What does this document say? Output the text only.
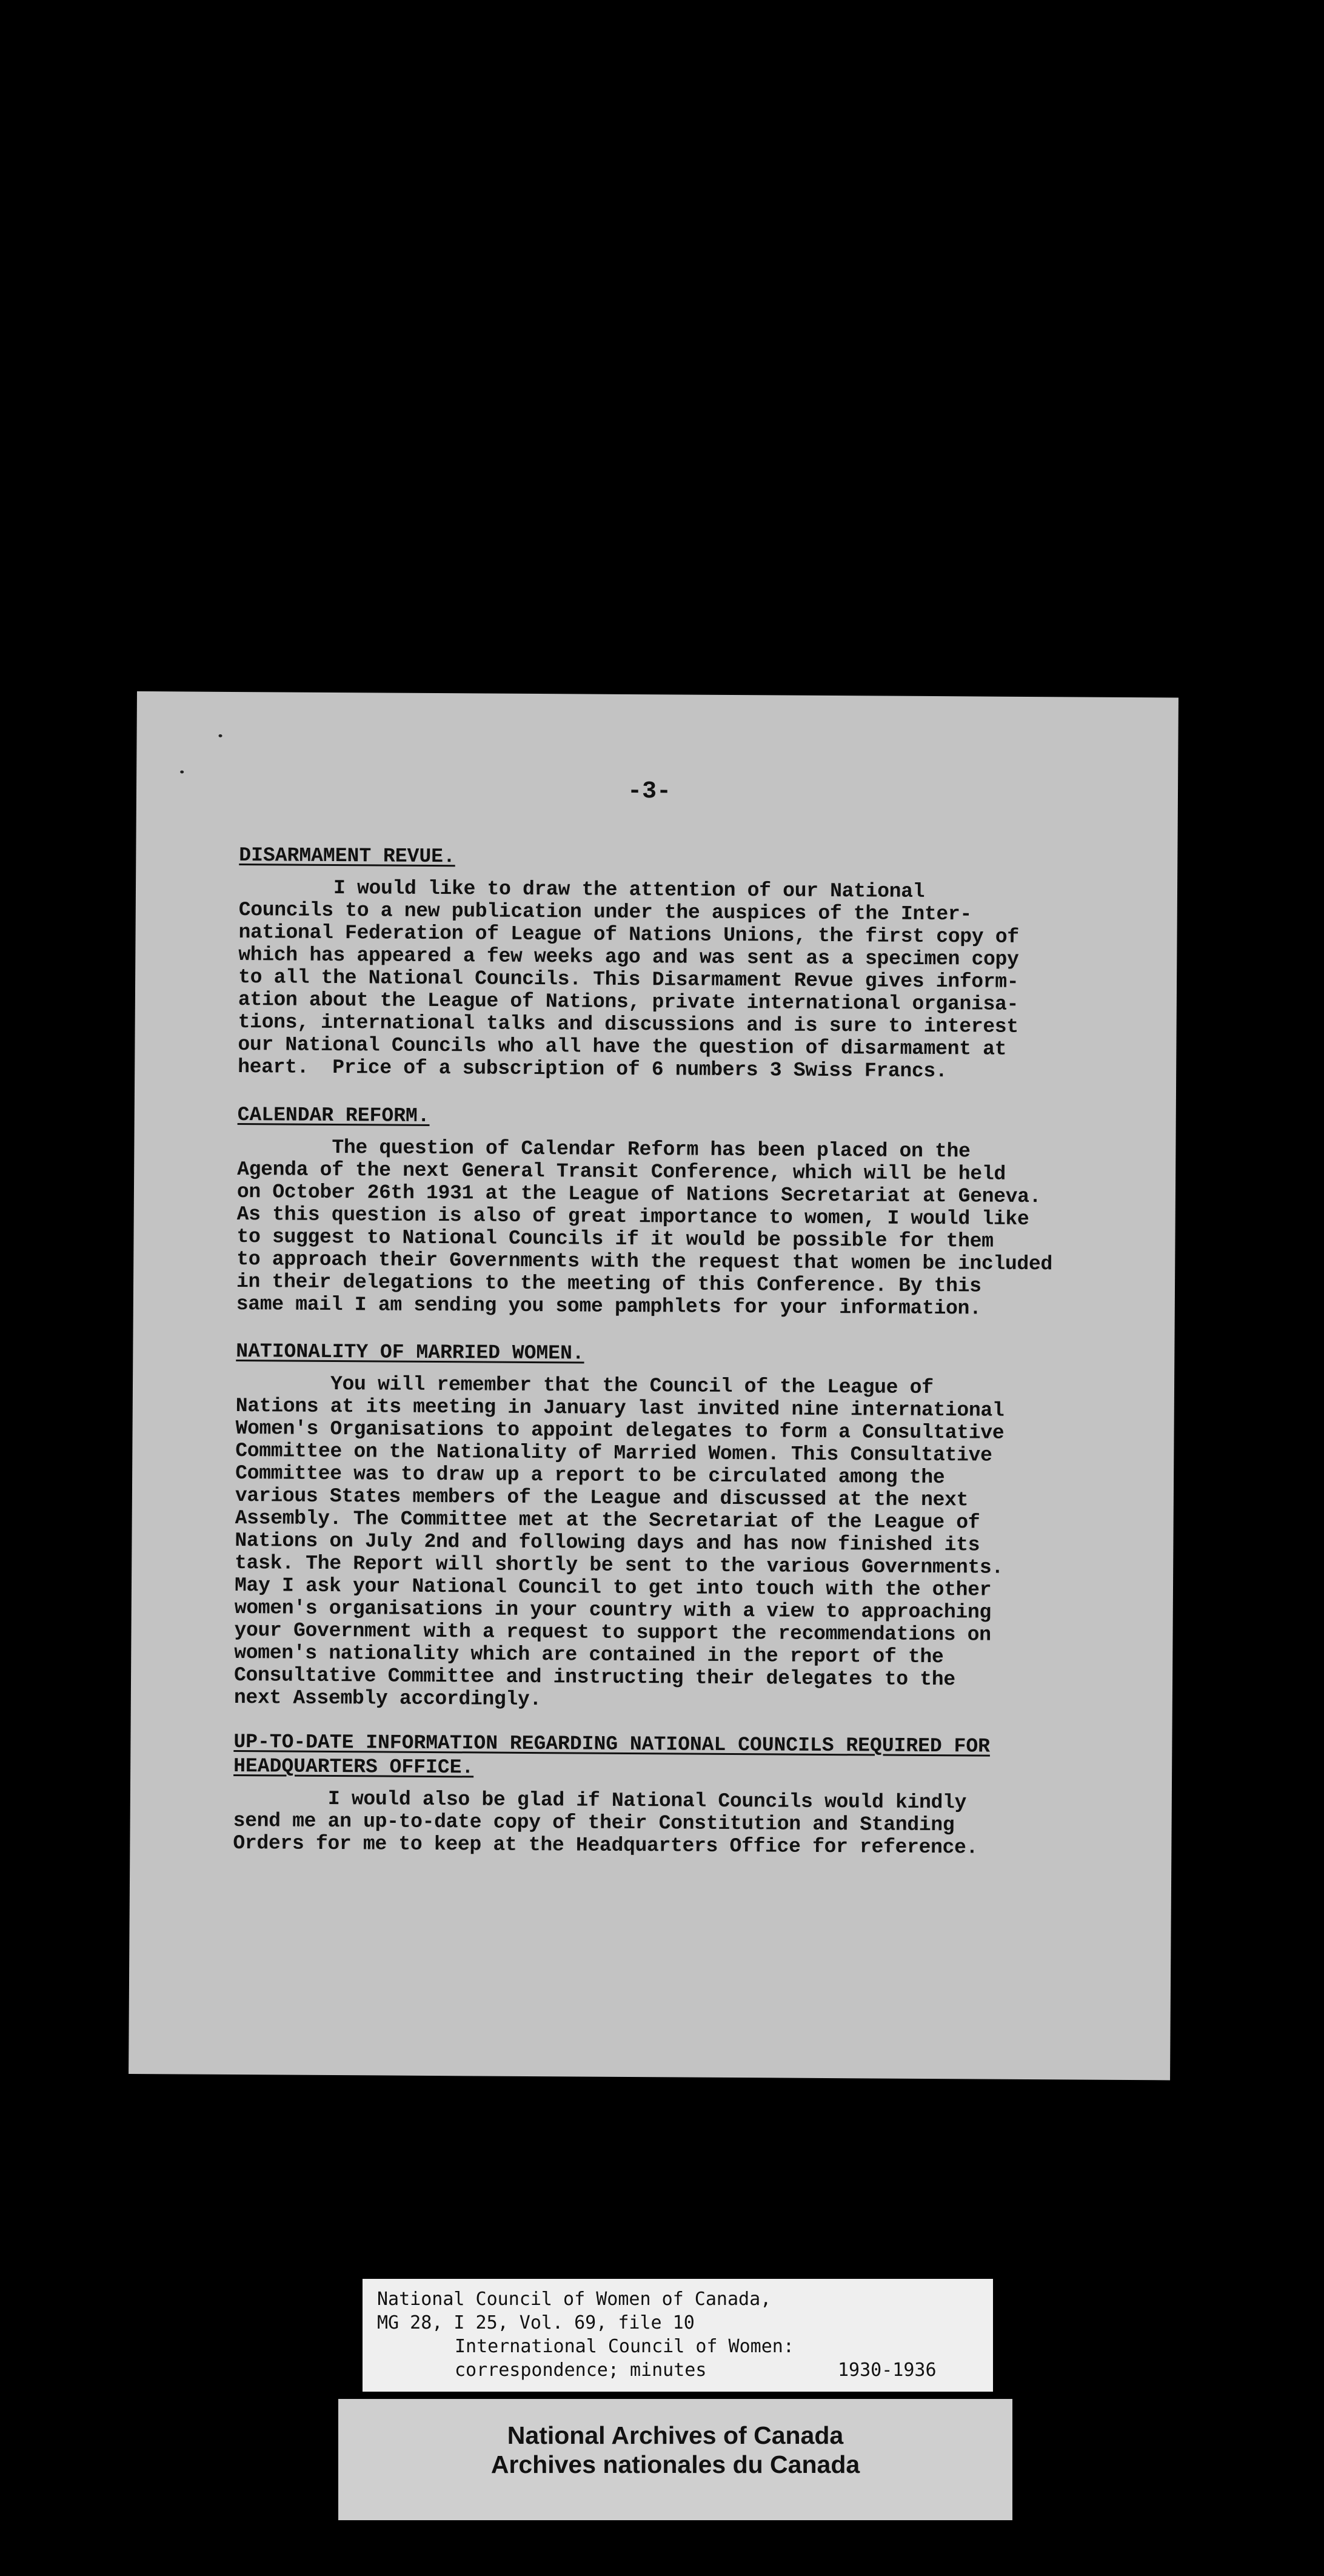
-3-

DISARMAMENT REVUE.

I would like to draw the attention of our National
Councils to a new publication under the auspices of the Inter-
national Federation of League of Nations Unions, the first copy of
which has appeared a few weeks ago and was sent as a specimen copy
to all the National Councils. This Disarmament Revue gives inform-
ation about the League of Nations, private international organisa-
tions, international talks and discussions and is sure to interest
our National Councils who all have the question of disarmament at
heart.  Price of a subscription of 6 numbers 3 Swiss Francs.

CALENDAR REFORM.

The question of Calendar Reform has been placed on the
Agenda of the next General Transit Conference, which will be held
on October 26th 1931 at the League of Nations Secretariat at Geneva.
As this question is also of great importance to women, I would like
to suggest to National Councils if it would be possible for them
to approach their Governments with the request that women be included
in their delegations to the meeting of this Conference. By this
same mail I am sending you some pamphlets for your information.

NATIONALITY OF MARRIED WOMEN.

You will remember that the Council of the League of
Nations at its meeting in January last invited nine international
Women's Organisations to appoint delegates to form a Consultative
Committee on the Nationality of Married Women. This Consultative
Committee was to draw up a report to be circulated among the
various States members of the League and discussed at the next
Assembly. The Committee met at the Secretariat of the League of
Nations on July 2nd and following days and has now finished its
task. The Report will shortly be sent to the various Governments.
May I ask your National Council to get into touch with the other
women's organisations in your country with a view to approaching
your Government with a request to support the recommendations on
women's nationality which are contained in the report of the
Consultative Committee and instructing their delegates to the
next Assembly accordingly.

UP-TO-DATE INFORMATION REGARDING NATIONAL COUNCILS REQUIRED FOR
HEADQUARTERS OFFICE.

I would also be glad if National Councils would kindly
send me an up-to-date copy of their Constitution and Standing
Orders for me to keep at the Headquarters Office for reference.

National Council of Women of Canada,
MG 28, I 25, Vol. 69, file 10
International Council of Women:
correspondence; minutes	1930-1936
National Archives of Canada
Archives nationales du Canada
